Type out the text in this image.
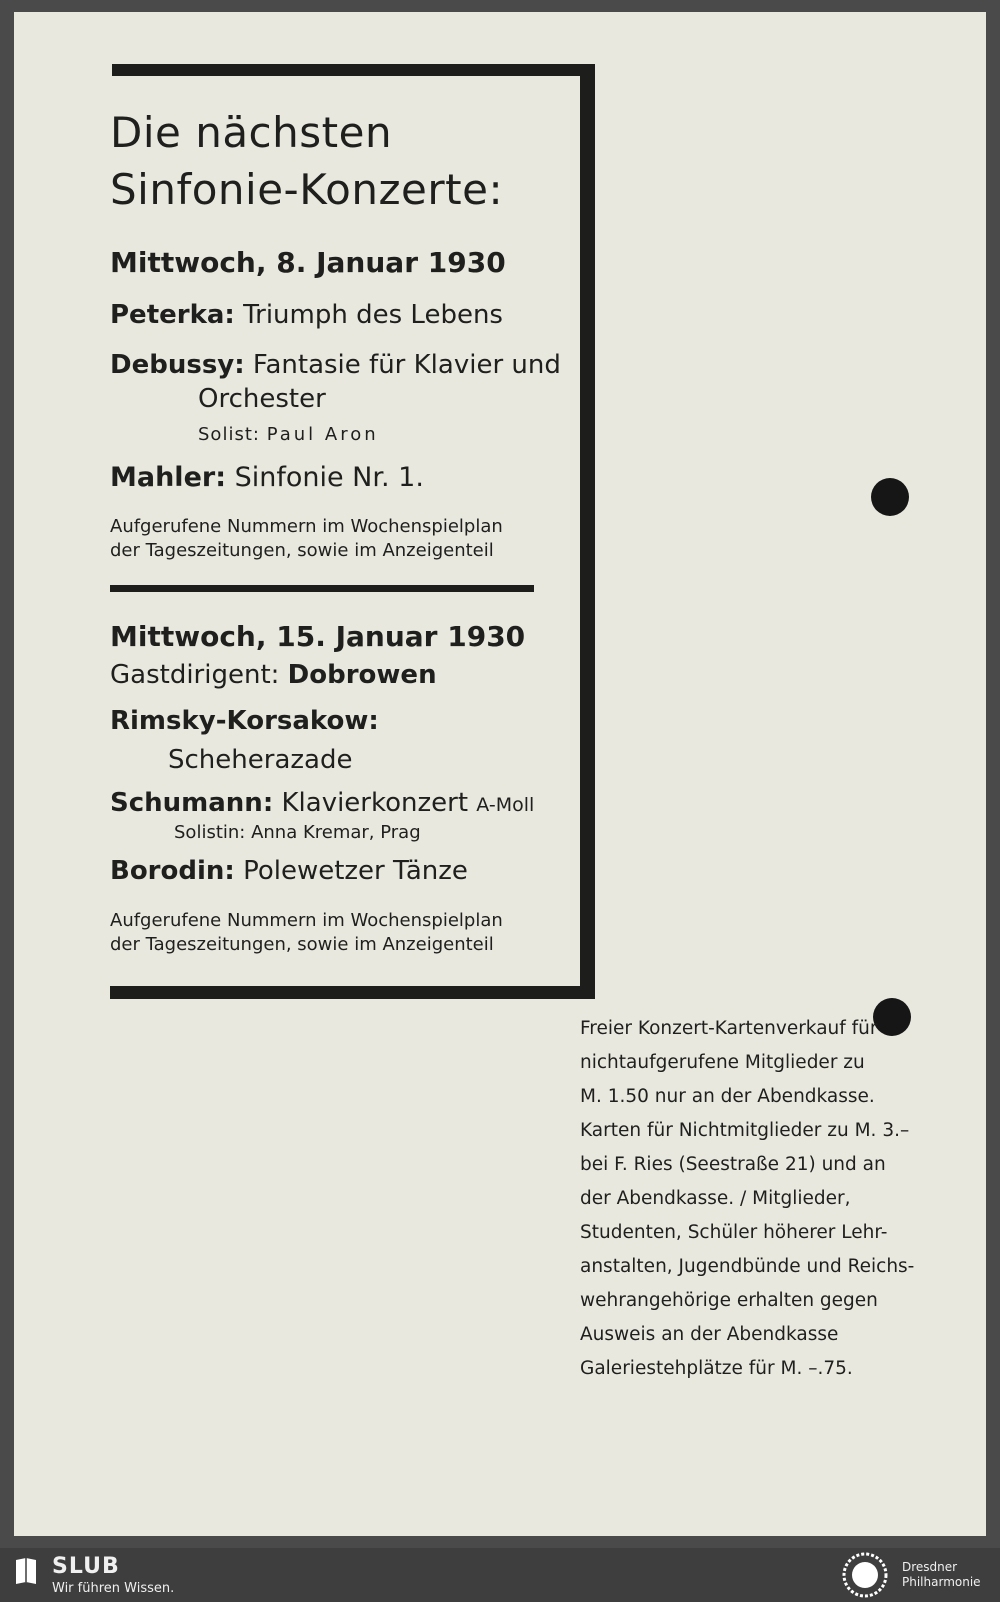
Die nächsten
Sinfonie-Konzerte:
Mittwoch, 8. Januar 1930
Peterka: Triumph des Lebens
Debussy: Fantasie für Klavier und
Orchester
Solist: Paul Aron
Mahler: Sinfonie Nr. 1.
Aufgerufene Nummern im Wochenspielplan
der Tageszeitungen, sowie im Anzeigenteil
Mittwoch, 15. Januar 1930
Gastdirigent: Dobrowen
Rimsky-Korsakow:
Scheherazade
Schumann: Klavierkonzert A-Moll
Solistin: Anna Kremar, Prag
Borodin: Polewetzer Tänze
Aufgerufene Nummern im Wochenspielplan
der Tageszeitungen, sowie im Anzeigenteil
Freier Konzert-Kartenverkauf für
nichtaufgerufene Mitglieder zu
M. 1.50 nur an der Abendkasse.
Karten für Nichtmitglieder zu M. 3.–
bei F. Ries (Seestraße 21) und an
der Abendkasse. / Mitglieder,
Studenten, Schüler höherer Lehr-
anstalten, Jugendbünde und Reichs-
wehrangehörige erhalten gegen
Ausweis an der Abendkasse
Galeriestehplätze für M. –.75.
SLUB
Wir führen Wissen.
Dresdner
Philharmonie
